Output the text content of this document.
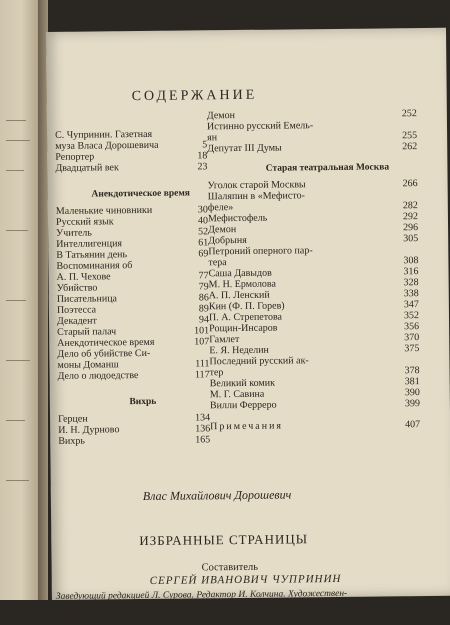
СОДЕРЖАНИЕ
С. Чупринин. Газетная
муза Власа Дорошевича	5
Репортер	18
Двадцатый век	23
Анекдотическое время
Маленькие чиновники	30
Русский язык	40
Учитель	52
Интеллигенция	61
В Татьянин день	69
Воспоминания об
А. П. Чехове	77
Убийство	79
Писательница	86
Поэтесса	89
Декадент	94
Старый палач	101
Анекдотическое время	107
Дело об убийстве Си-
моны Доманш	111
Дело о людоедстве	117
Вихрь
Герцен	134
И. Н. Дурново	136
Вихрь	165
Демон	252
Истинно русский Емель-
ян	255
Депутат III Думы	262
Старая театральная Москва
Уголок старой Москвы	266
Шаляпин в «Мефисто-
феле»	282
Мефистофель	292
Демон	296
Добрыня	305
Петроний оперного пар-
тера	308
Саша Давыдов	316
М. Н. Ермолова	328
А. П. Ленский	338
Кин (Ф. П. Горев)	347
П. А. Стрепетова	352
Рощин-Инсаров	356
Гамлет	370
Е. Я. Неделин	375
Последний русский ак-
тер	378
Великий комик	381
М. Г. Савина	390
Вилли Ферреро	399
Примечания	407
Влас Михайлович Дорошевич
ИЗБРАННЫЕ СТРАНИЦЫ
Составитель
СЕРГЕЙ ИВАНОВИЧ ЧУПРИНИН
Заведующий редакцией Л. Сурова. Редактор И. Колчина. Художествен-
ный редактор И. Сайко. Технические редакторы Г. Смирнова, Л. Е.
Фомы. Корректоры З. Кулемина, В. Ч...
